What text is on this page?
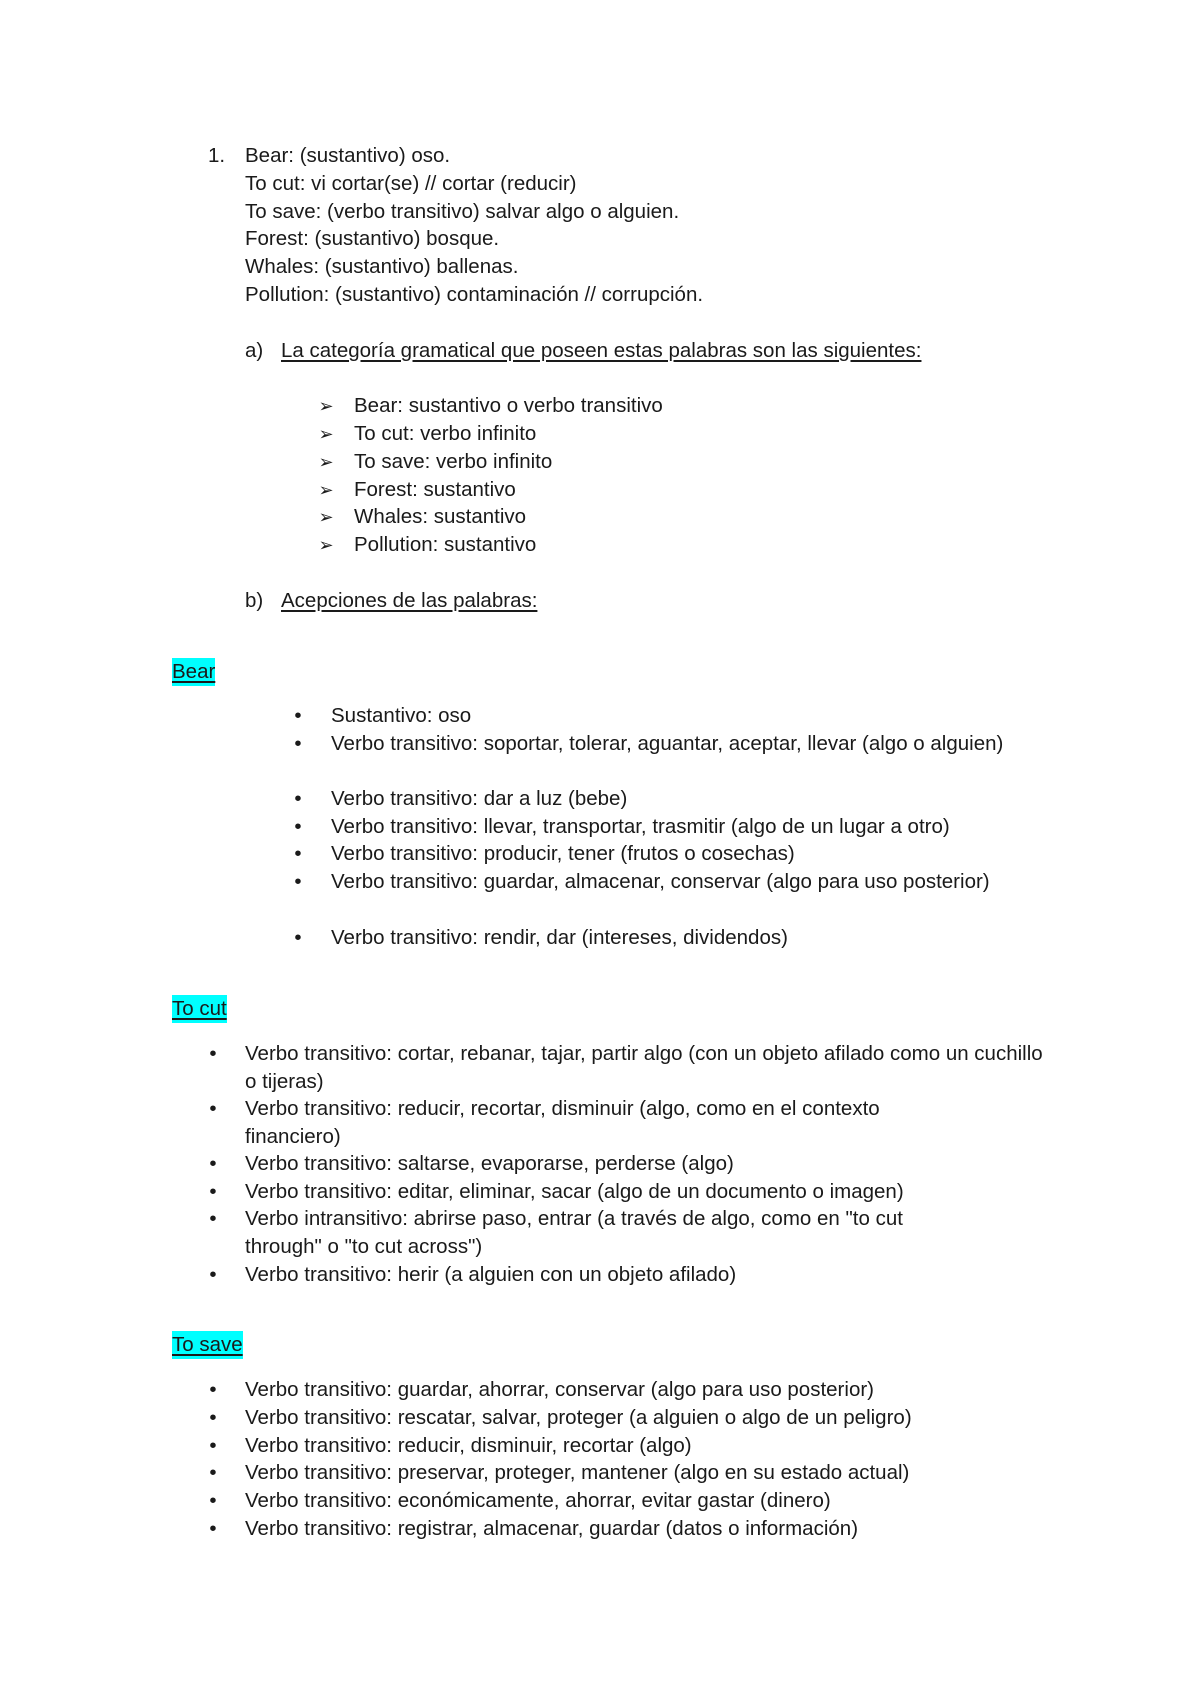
1. Bear: (sustantivo) oso.
To cut: vi cortar(se) // cortar (reducir)
To save: (verbo transitivo) salvar algo o alguien.
Forest: (sustantivo) bosque.
Whales: (sustantivo) ballenas.
Pollution: (sustantivo) contaminación // corrupción.
a) La categoría gramatical que poseen estas palabras son las siguientes:
➢ Bear: sustantivo o verbo transitivo
➢ To cut: verbo infinito
➢ To save: verbo infinito
➢ Forest: sustantivo
➢ Whales: sustantivo
➢ Pollution: sustantivo
b) Acepciones de las palabras:
Bear
•	Sustantivo: oso
•	Verbo transitivo: soportar, tolerar, aguantar, aceptar, llevar (algo o alguien)
•	Verbo transitivo: dar a luz (bebe)
•	Verbo transitivo: llevar, transportar, trasmitir (algo de un lugar a otro)
•	Verbo transitivo: producir, tener (frutos o cosechas)
•	Verbo transitivo: guardar, almacenar, conservar (algo para uso posterior)
•	Verbo transitivo: rendir, dar (intereses, dividendos)
To cut
•	Verbo transitivo: cortar, rebanar, tajar, partir algo (con un objeto afilado como un cuchillo o tijeras)
•	Verbo transitivo: reducir, recortar, disminuir (algo, como en el contexto financiero)
•	Verbo transitivo: saltarse, evaporarse, perderse (algo)
•	Verbo transitivo: editar, eliminar, sacar (algo de un documento o imagen)
•	Verbo intransitivo: abrirse paso, entrar (a través de algo, como en "to cut through" o "to cut across")
•	Verbo transitivo: herir (a alguien con un objeto afilado)
To save
•	Verbo transitivo: guardar, ahorrar, conservar (algo para uso posterior)
•	Verbo transitivo: rescatar, salvar, proteger (a alguien o algo de un peligro)
•	Verbo transitivo: reducir, disminuir, recortar (algo)
•	Verbo transitivo: preservar, proteger, mantener (algo en su estado actual)
•	Verbo transitivo: económicamente, ahorrar, evitar gastar (dinero)
•	Verbo transitivo: registrar, almacenar, guardar (datos o información)
